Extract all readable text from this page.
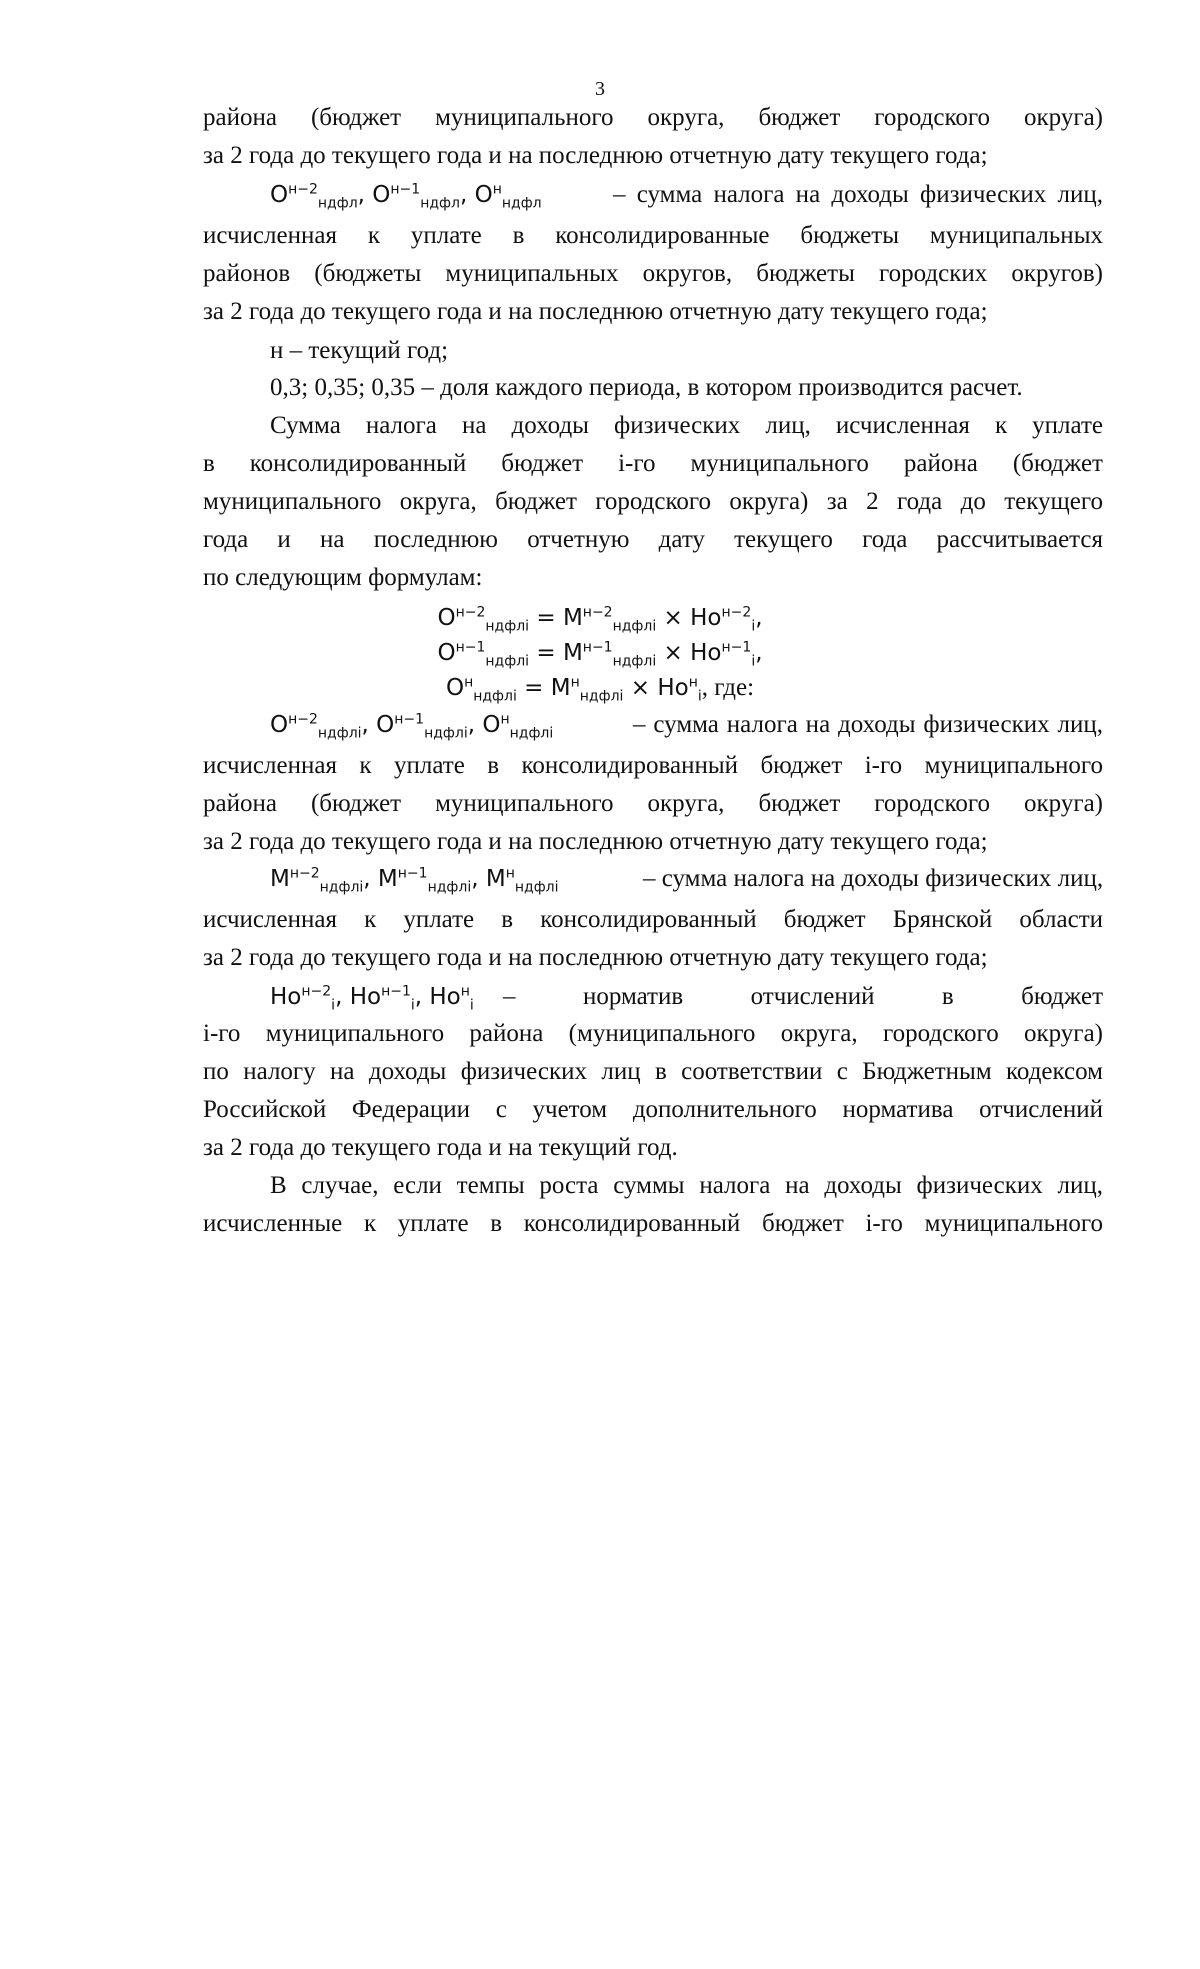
3
района (бюджет муниципального округа, бюджет городского округа)
за 2 года до текущего года и на последнюю отчетную дату текущего года;
$О^{н-2}_{ндфл}$, $О^{н-1}_{ндфл}$, $О^н_{ндфл}$	– сумма налога на доходы физических лиц,
исчисленная к уплате в консолидированные бюджеты муниципальных
районов (бюджеты муниципальных округов, бюджеты городских округов)
за 2 года до текущего года и на последнюю отчетную дату текущего года;
н – текущий год;
0,3; 0,35; 0,35 – доля каждого периода, в котором производится расчет.
Сумма налога на доходы физических лиц, исчисленная к уплате
в консолидированный бюджет i-го муниципального района (бюджет
муниципального округа, бюджет городского округа) за 2 года до текущего
года и на последнюю отчетную дату текущего года рассчитывается
по следующим формулам:
$О^{н-2}_{ндфлi} = М^{н-2}_{ндфлi} \times Но^{н-2}_i$,
$О^{н-1}_{ндфлi} = М^{н-1}_{ндфлi} \times Но^{н-1}_i$,
$О^н_{ндфлi} = М^н_{ндфлi} \times Но^н_i$, где:
$О^{н-2}_{ндфлi}$, $О^{н-1}_{ндфлi}$, $О^н_{ндфлi}$	– сумма налога на доходы физических лиц,
исчисленная к уплате в консолидированный бюджет i-го муниципального
района (бюджет муниципального округа, бюджет городского округа)
за 2 года до текущего года и на последнюю отчетную дату текущего года;
$М^{н-2}_{ндфлi}$, $М^{н-1}_{ндфлi}$, $М^н_{ндфлi}$	– сумма налога на доходы физических лиц,
исчисленная к уплате в консолидированный бюджет Брянской области
за 2 года до текущего года и на последнюю отчетную дату текущего года;
$Но^{н-2}_i$, $Но^{н-1}_i$, $Но^н_i$ – норматив отчислений в бюджет
i-го муниципального района (муниципального округа, городского округа)
по налогу на доходы физических лиц в соответствии с Бюджетным кодексом
Российской Федерации с учетом дополнительного норматива отчислений
за 2 года до текущего года и на текущий год.
В случае, если темпы роста суммы налога на доходы физических лиц,
исчисленные к уплате в консолидированный бюджет i-го муниципального
